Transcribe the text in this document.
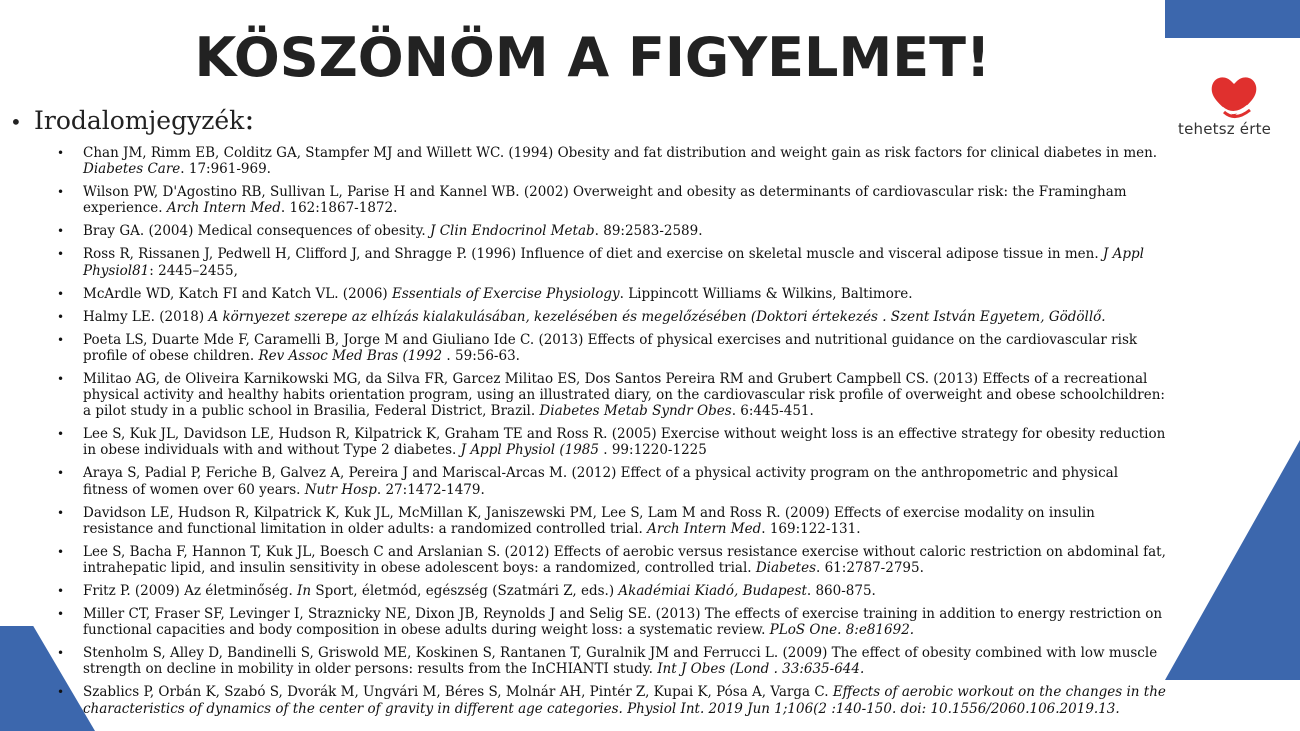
KÖSZÖNÖM A FIGYELMET!
tehetsz érte
• Irodalomjegyzék:
• Chan JM, Rimm EB, Colditz GA, Stampfer MJ and Willett WC. (1994) Obesity and fat distribution and weight gain as risk factors for clinical diabetes in men. Diabetes Care. 17:961-969.
• Wilson PW, D'Agostino RB, Sullivan L, Parise H and Kannel WB. (2002) Overweight and obesity as determinants of cardiovascular risk: the Framingham experience. Arch Intern Med. 162:1867-1872.
• Bray GA. (2004) Medical consequences of obesity. J Clin Endocrinol Metab. 89:2583-2589.
• Ross R, Rissanen J, Pedwell H, Clifford J, and Shragge P. (1996) Influence of diet and exercise on skeletal muscle and visceral adipose tissue in men. J Appl Physiol81: 2445–2455,
• McArdle WD, Katch FI and Katch VL. (2006) Essentials of Exercise Physiology. Lippincott Williams & Wilkins, Baltimore.
• Halmy LE. (2018) A környezet szerepe az elhízás kialakulásában, kezelésében és megelőzésében (Doktori értekezés . Szent István Egyetem, Gödöllő.
• Poeta LS, Duarte Mde F, Caramelli B, Jorge M and Giuliano Ide C. (2013) Effects of physical exercises and nutritional guidance on the cardiovascular risk profile of obese children. Rev Assoc Med Bras (1992 . 59:56-63.
• Militao AG, de Oliveira Karnikowski MG, da Silva FR, Garcez Militao ES, Dos Santos Pereira RM and Grubert Campbell CS. (2013) Effects of a recreational physical activity and healthy habits orientation program, using an illustrated diary, on the cardiovascular risk profile of overweight and obese schoolchildren: a pilot study in a public school in Brasilia, Federal District, Brazil. Diabetes Metab Syndr Obes. 6:445-451.
• Lee S, Kuk JL, Davidson LE, Hudson R, Kilpatrick K, Graham TE and Ross R. (2005) Exercise without weight loss is an effective strategy for obesity reduction in obese individuals with and without Type 2 diabetes. J Appl Physiol (1985 . 99:1220-1225
• Araya S, Padial P, Feriche B, Galvez A, Pereira J and Mariscal-Arcas M. (2012) Effect of a physical activity program on the anthropometric and physical fitness of women over 60 years. Nutr Hosp. 27:1472-1479.
• Davidson LE, Hudson R, Kilpatrick K, Kuk JL, McMillan K, Janiszewski PM, Lee S, Lam M and Ross R. (2009) Effects of exercise modality on insulin resistance and functional limitation in older adults: a randomized controlled trial. Arch Intern Med. 169:122-131.
• Lee S, Bacha F, Hannon T, Kuk JL, Boesch C and Arslanian S. (2012) Effects of aerobic versus resistance exercise without caloric restriction on abdominal fat, intrahepatic lipid, and insulin sensitivity in obese adolescent boys: a randomized, controlled trial. Diabetes. 61:2787-2795.
• Fritz P. (2009) Az életminőség. In Sport, életmód, egészség (Szatmári Z, eds.) Akadémiai Kiadó, Budapest. 860-875.
• Miller CT, Fraser SF, Levinger I, Straznicky NE, Dixon JB, Reynolds J and Selig SE. (2013) The effects of exercise training in addition to energy restriction on functional capacities and body composition in obese adults during weight loss: a systematic review. PLoS One. 8:e81692.
• Stenholm S, Alley D, Bandinelli S, Griswold ME, Koskinen S, Rantanen T, Guralnik JM and Ferrucci L. (2009) The effect of obesity combined with low muscle strength on decline in mobility in older persons: results from the InCHIANTI study. Int J Obes (Lond . 33:635-644.
• Szablics P, Orbán K, Szabó S, Dvorák M, Ungvári M, Béres S, Molnár AH, Pintér Z, Kupai K, Pósa A, Varga C. Effects of aerobic workout on the changes in the characteristics of dynamics of the center of gravity in different age categories. Physiol Int. 2019 Jun 1;106(2 :140-150. doi: 10.1556/2060.106.2019.13.
